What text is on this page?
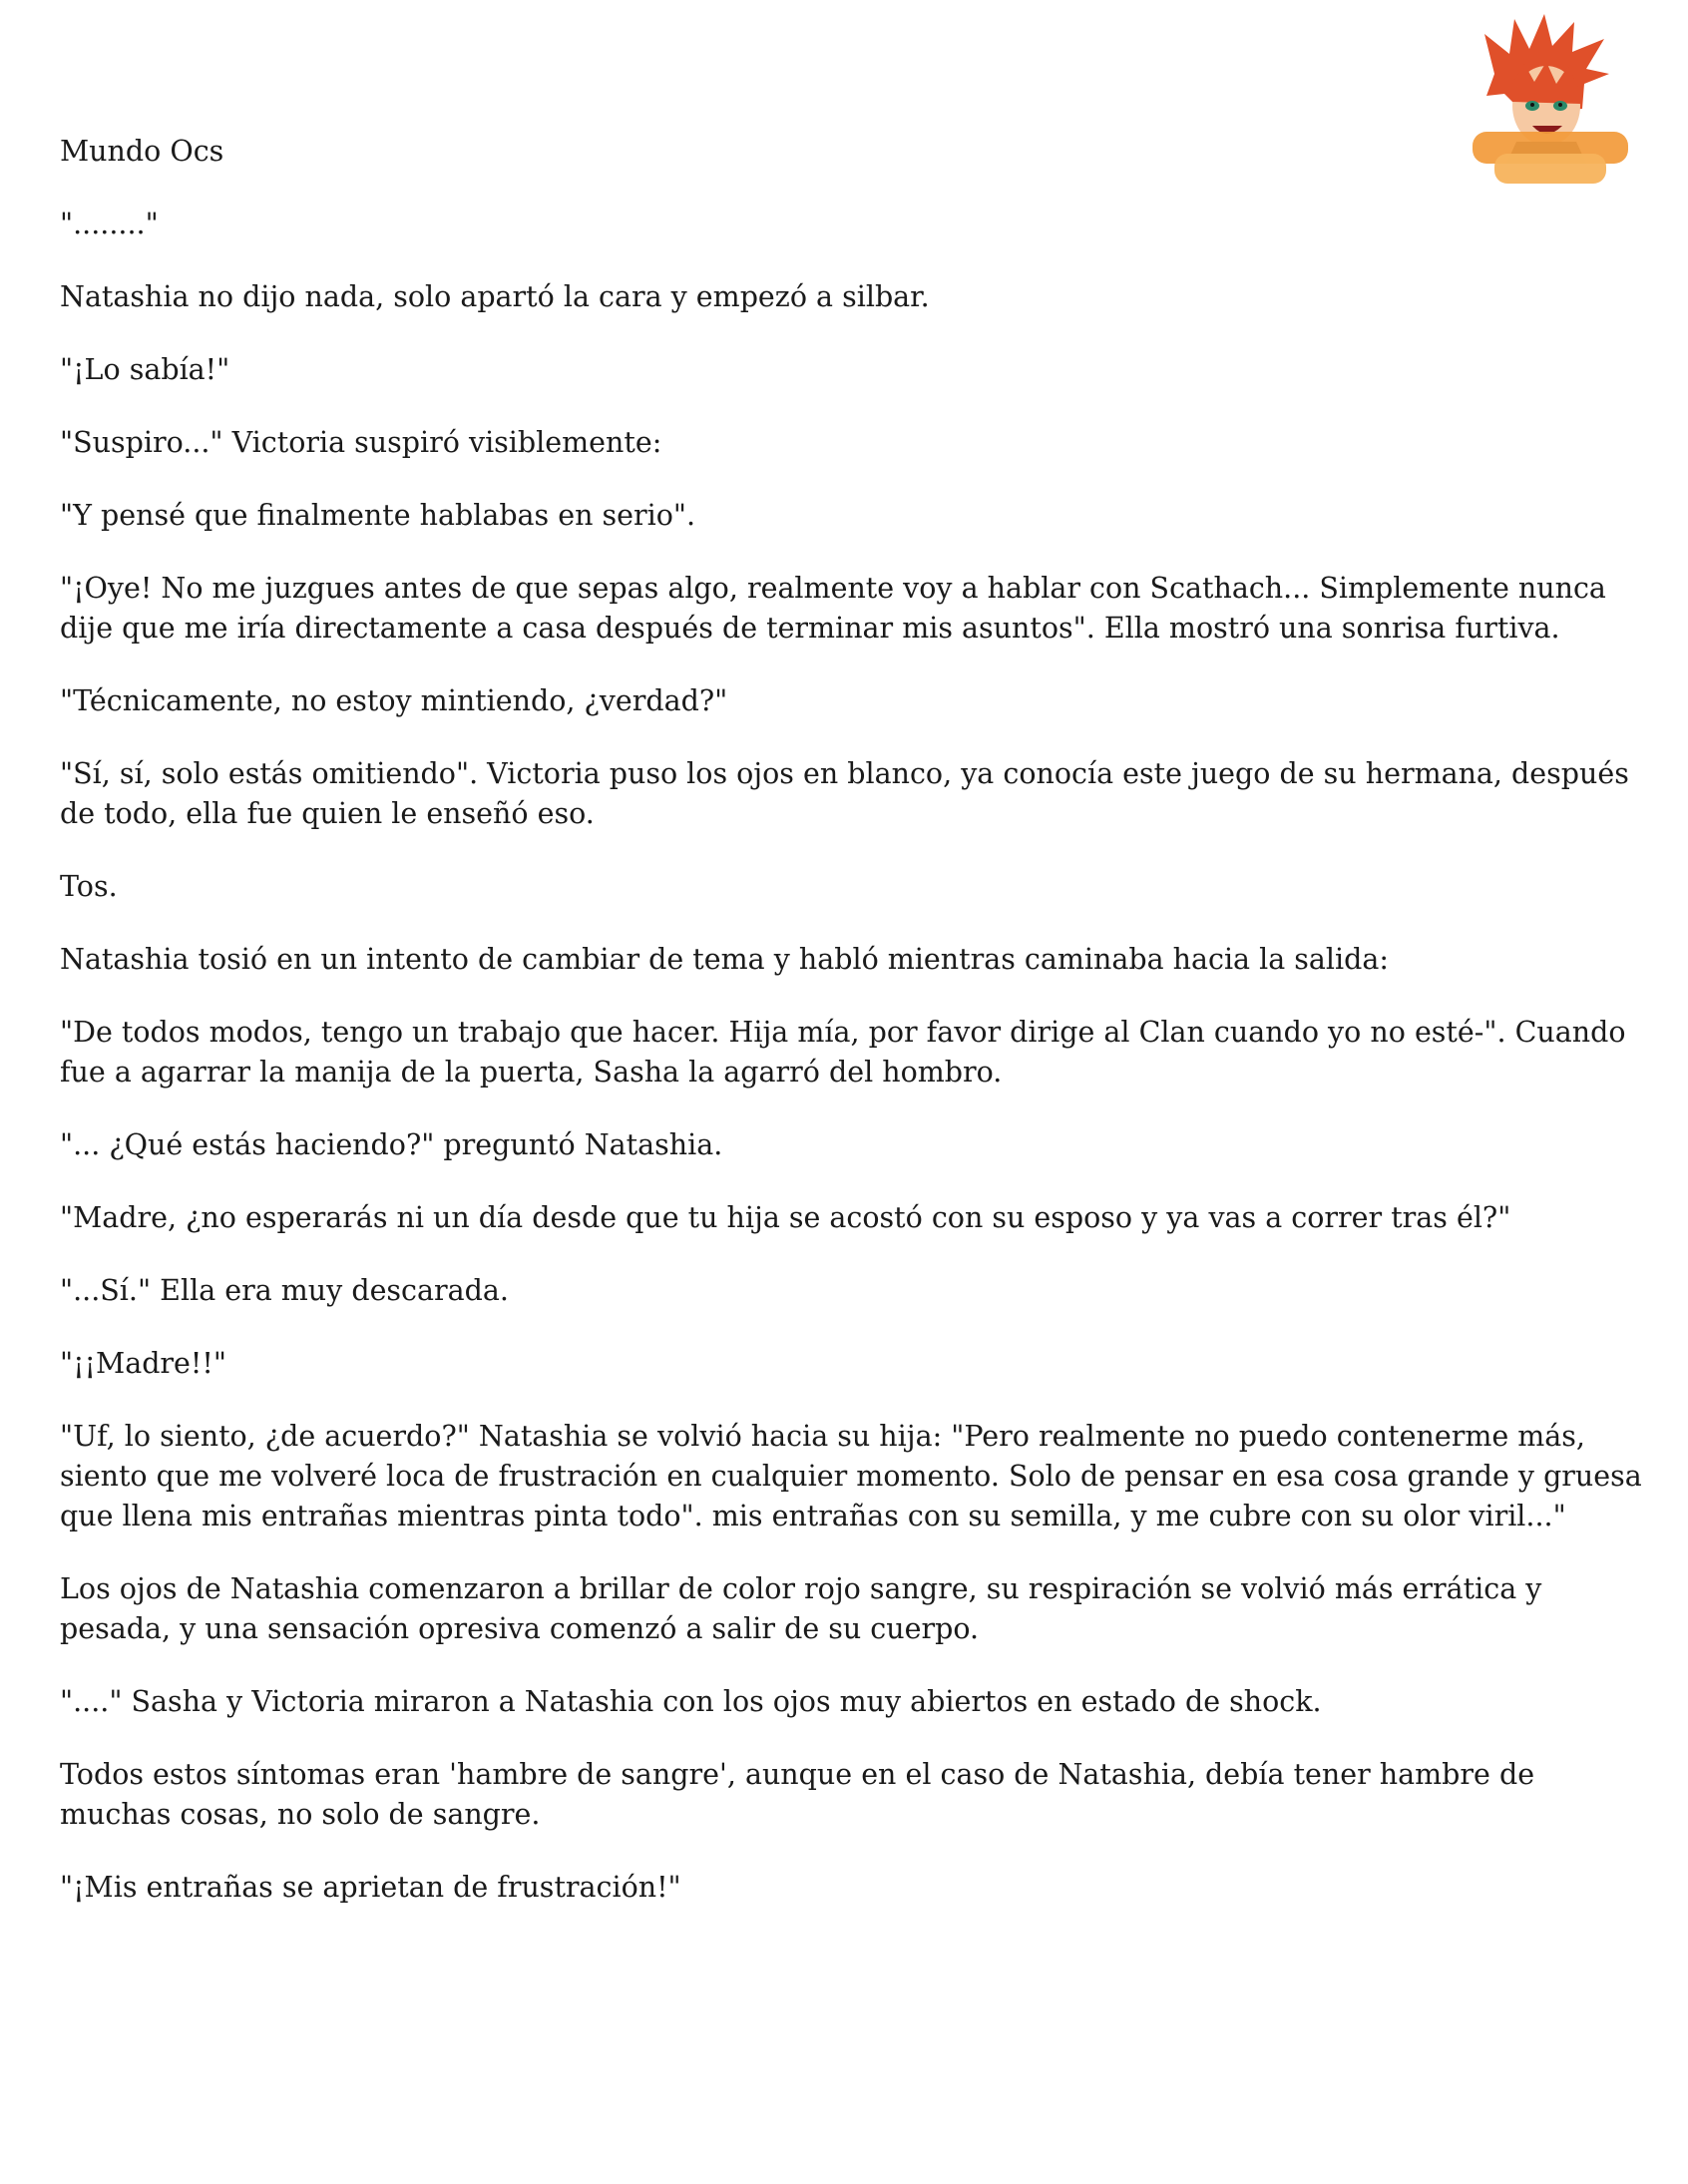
Mundo Ocs

"........"

Natashia no dijo nada, solo apartó la cara y empezó a silbar.

"¡Lo sabía!"

"Suspiro..." Victoria suspiró visiblemente:

"Y pensé que finalmente hablabas en serio".

"¡Oye! No me juzgues antes de que sepas algo, realmente voy a hablar con Scathach... Simplemente nunca dije que me iría directamente a casa después de terminar mis asuntos". Ella mostró una sonrisa furtiva.

"Técnicamente, no estoy mintiendo, ¿verdad?"

"Sí, sí, solo estás omitiendo". Victoria puso los ojos en blanco, ya conocía este juego de su hermana, después de todo, ella fue quien le enseñó eso.

Tos.

Natashia tosió en un intento de cambiar de tema y habló mientras caminaba hacia la salida:

"De todos modos, tengo un trabajo que hacer. Hija mía, por favor dirige al Clan cuando yo no esté-". Cuando fue a agarrar la manija de la puerta, Sasha la agarró del hombro.

"... ¿Qué estás haciendo?" preguntó Natashia.

"Madre, ¿no esperarás ni un día desde que tu hija se acostó con su esposo y ya vas a correr tras él?"

"...Sí." Ella era muy descarada.

"¡¡Madre!!"

"Uf, lo siento, ¿de acuerdo?" Natashia se volvió hacia su hija: "Pero realmente no puedo contenerme más, siento que me volveré loca de frustración en cualquier momento. Solo de pensar en esa cosa grande y gruesa que llena mis entrañas mientras pinta todo". mis entrañas con su semilla, y me cubre con su olor viril..."

Los ojos de Natashia comenzaron a brillar de color rojo sangre, su respiración se volvió más errática y pesada, y una sensación opresiva comenzó a salir de su cuerpo.

"...." Sasha y Victoria miraron a Natashia con los ojos muy abiertos en estado de shock.

Todos estos síntomas eran 'hambre de sangre', aunque en el caso de Natashia, debía tener hambre de muchas cosas, no solo de sangre.

"¡Mis entrañas se aprietan de frustración!"
